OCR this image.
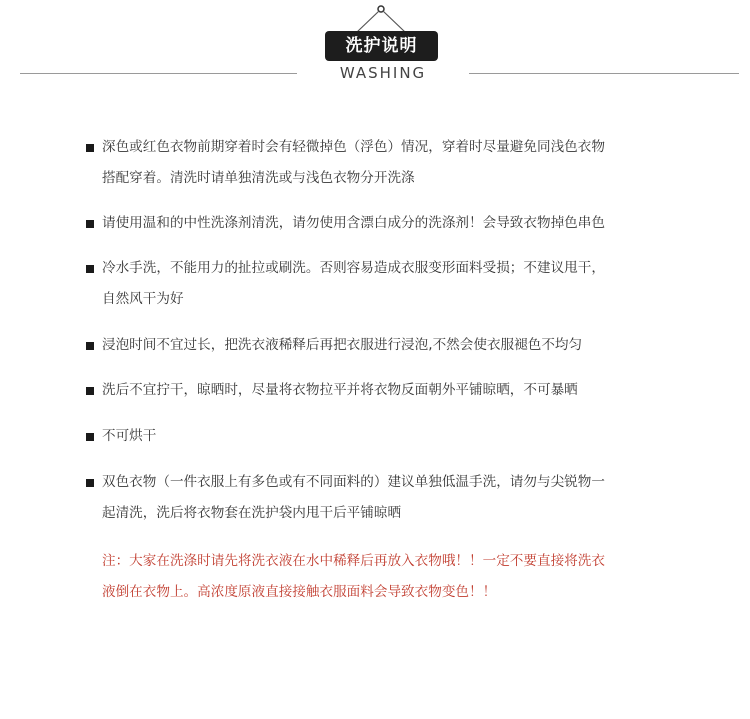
洗护说明
WASHING
深色或红色衣物前期穿着时会有轻微掉色（浮色）情况，穿着时尽量避免同浅色衣物
搭配穿着。清洗时请单独清洗或与浅色衣物分开洗涤
请使用温和的中性洗涤剂清洗，请勿使用含漂白成分的洗涤剂！会导致衣物掉色串色
冷水手洗，不能用力的扯拉或刷洗。否则容易造成衣服变形面料受损；不建议甩干，
自然风干为好
浸泡时间不宜过长，把洗衣液稀释后再把衣服进行浸泡,不然会使衣服褪色不均匀
洗后不宜拧干，晾晒时，尽量将衣物拉平并将衣物反面朝外平铺晾晒，不可暴晒
不可烘干
双色衣物（一件衣服上有多色或有不同面料的）建议单独低温手洗，请勿与尖锐物一
起清洗，洗后将衣物套在洗护袋内甩干后平铺晾晒
注：大家在洗涤时请先将洗衣液在水中稀释后再放入衣物哦！！一定不要直接将洗衣
液倒在衣物上。高浓度原液直接接触衣服面料会导致衣物变色！！
